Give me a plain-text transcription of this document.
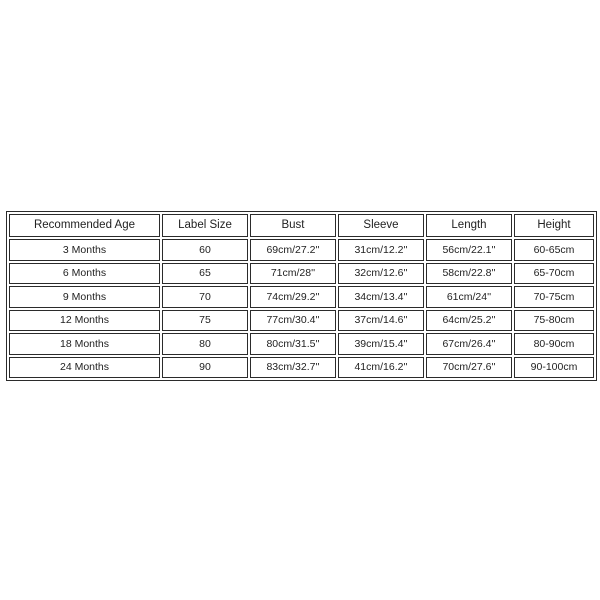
Recommended Age	Label Size	Bust	Sleeve	Length	Height
3 Months	60	69cm/27.2''	31cm/12.2''	56cm/22.1''	60-65cm
6 Months	65	71cm/28''	32cm/12.6''	58cm/22.8''	65-70cm
9 Months	70	74cm/29.2''	34cm/13.4''	61cm/24''	70-75cm
12 Months	75	77cm/30.4''	37cm/14.6''	64cm/25.2''	75-80cm
18 Months	80	80cm/31.5''	39cm/15.4''	67cm/26.4''	80-90cm
24 Months	90	83cm/32.7''	41cm/16.2''	70cm/27.6''	90-100cm
